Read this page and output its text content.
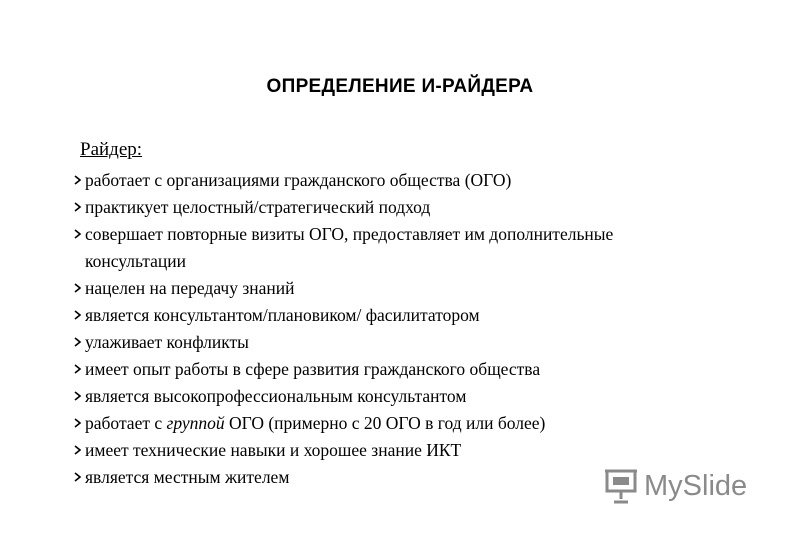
ОПРЕДЕЛЕНИЕ И-РАЙДЕРА
Райдер:
работает с организациями гражданского общества (ОГО)
практикует целостный/стратегический подход
совершает повторные визиты ОГО, предоставляет им дополнительные
консультации
нацелен на передачу знаний
является консультантом/плановиком/ фасилитатором
улаживает конфликты
имеет опыт работы в сфере развития гражданского общества
является высокопрофессиональным консультантом
работает с группой ОГО (примерно с 20 ОГО в год или более)
имеет технические навыки и хорошее знание ИКТ
является местным жителем	MySlide
